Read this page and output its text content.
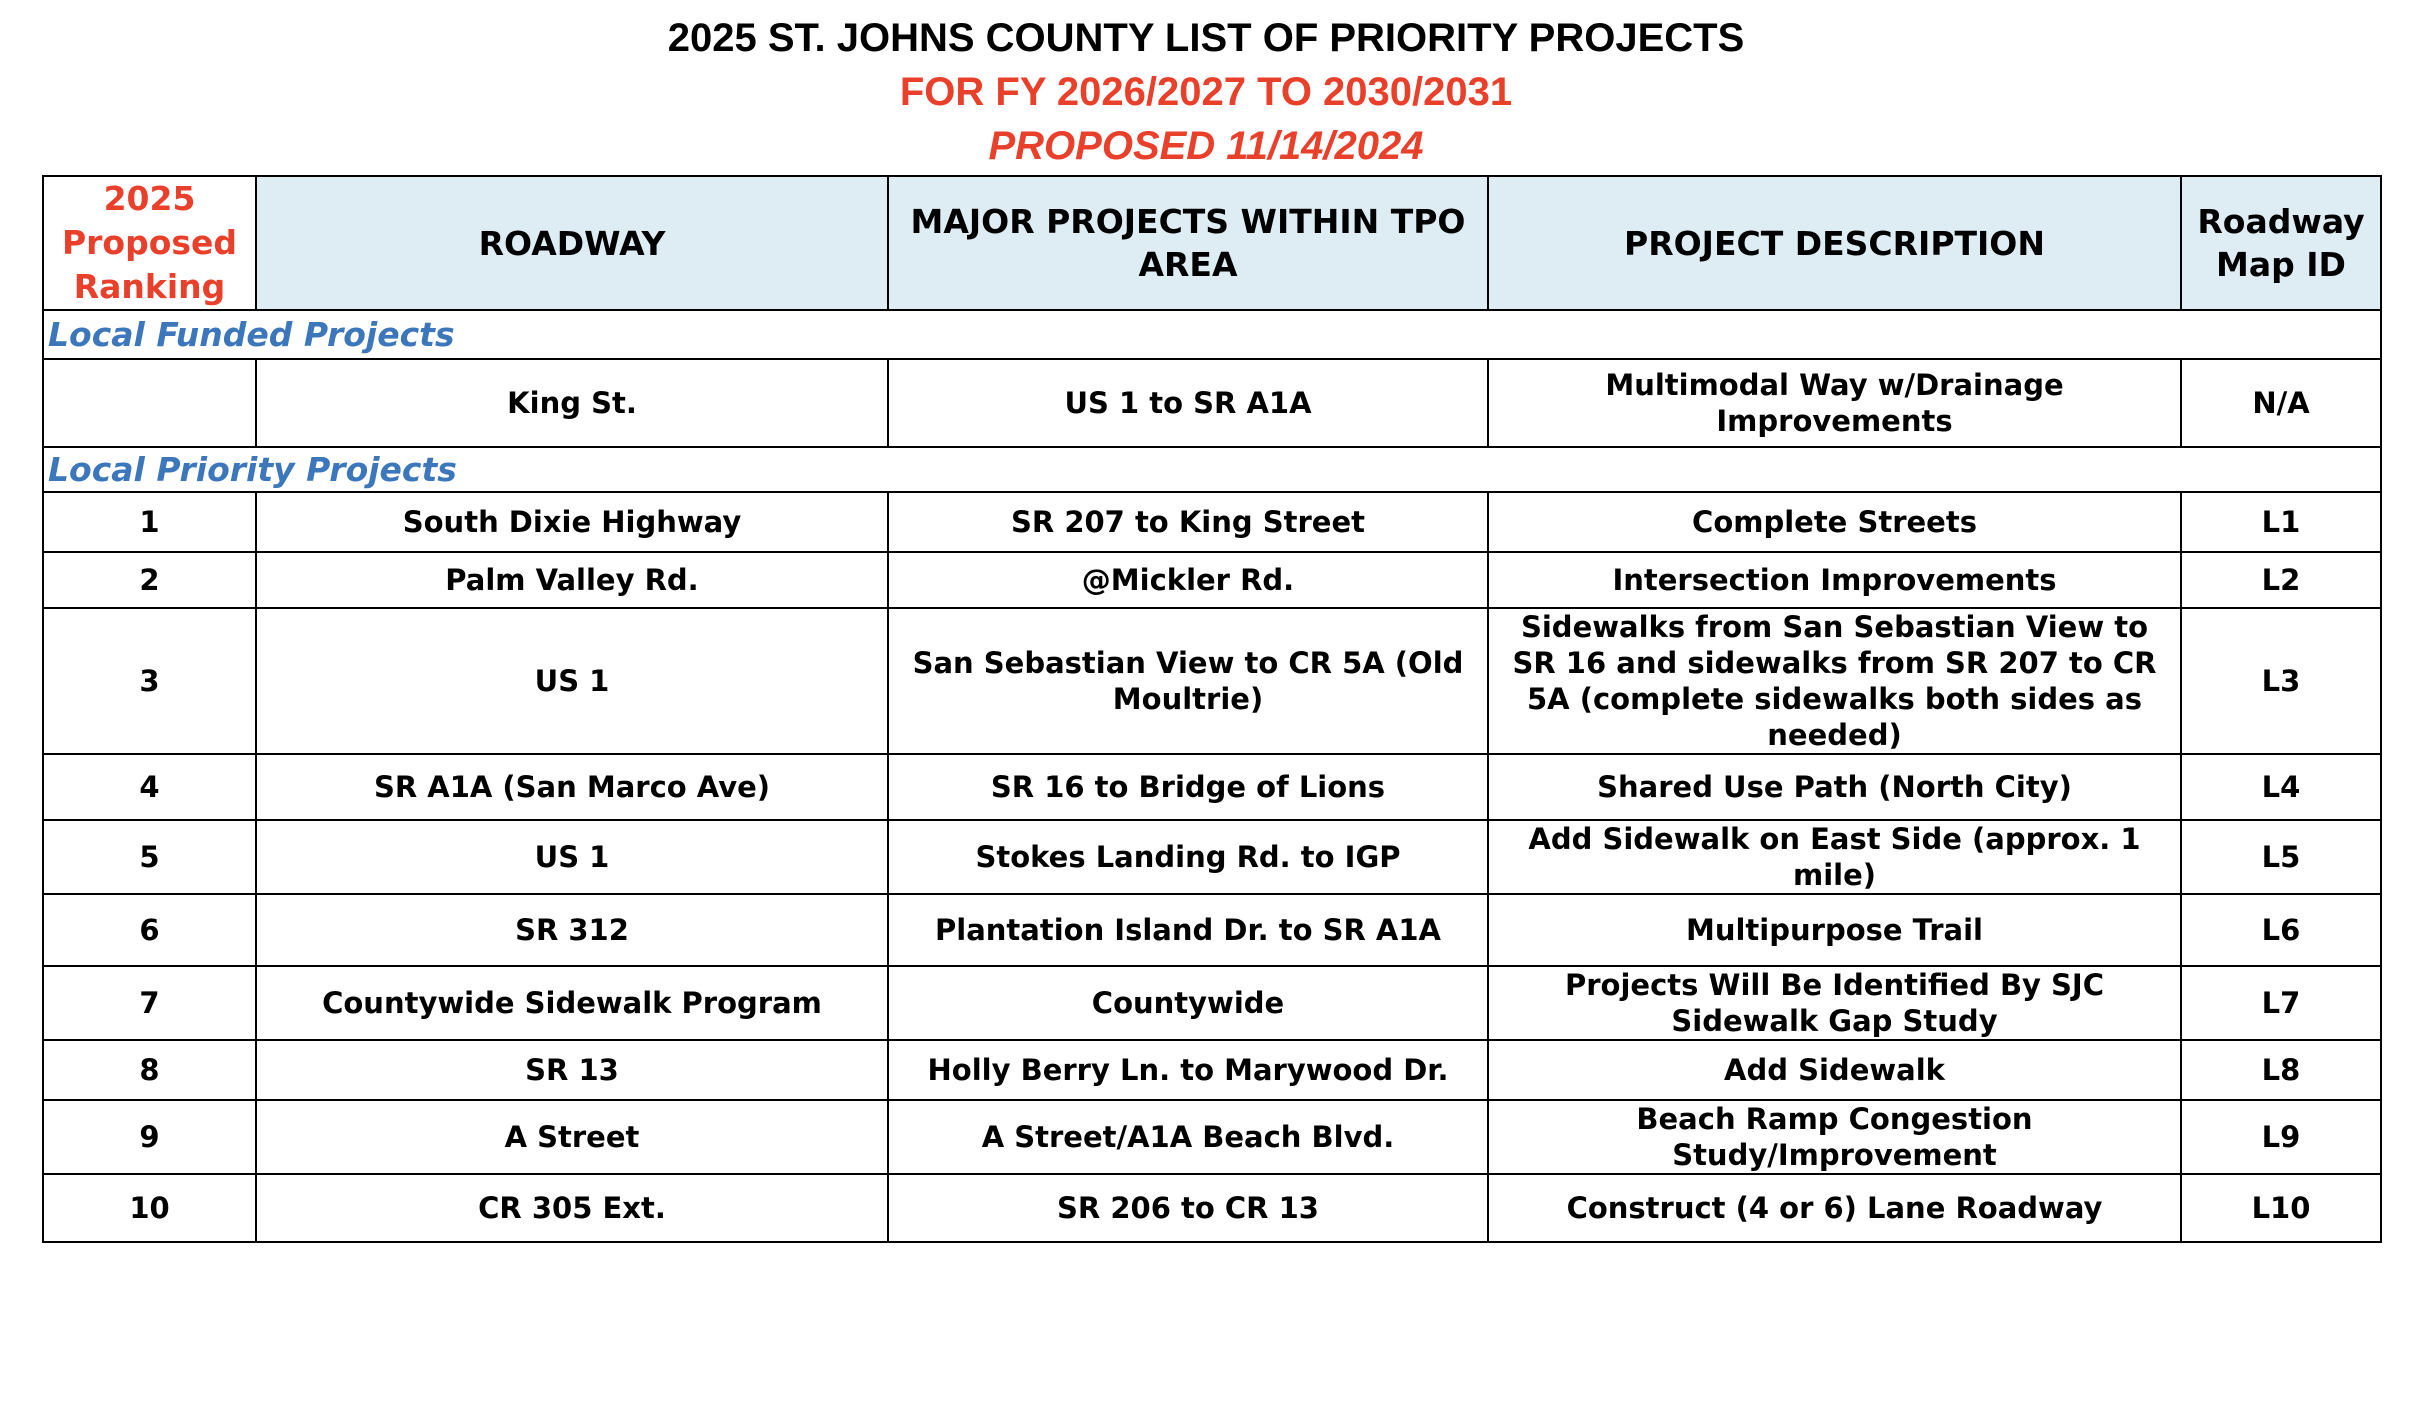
2025 ST. JOHNS COUNTY LIST OF PRIORITY PROJECTS
FOR FY 2026/2027 TO 2030/2031
PROPOSED 11/14/2024
2025 Proposed Ranking	ROADWAY	MAJOR PROJECTS WITHIN TPO AREA	PROJECT DESCRIPTION	Roadway Map ID
Local Funded Projects				
	King St.	US 1 to SR A1A	Multimodal Way w/Drainage Improvements	N/A
Local Priority Projects				
1	South Dixie Highway	SR 207 to King Street	Complete Streets	L1
2	Palm Valley Rd.	@Mickler Rd.	Intersection Improvements	L2
3	US 1	San Sebastian View to CR 5A (Old Moultrie)	Sidewalks from San Sebastian View to SR 16 and sidewalks from SR 207 to CR 5A (complete sidewalks both sides as needed)	L3
4	SR A1A (San Marco Ave)	SR 16 to Bridge of Lions	Shared Use Path (North City)	L4
5	US 1	Stokes Landing Rd. to IGP	Add Sidewalk on East Side (approx. 1 mile)	L5
6	SR 312	Plantation Island Dr. to SR A1A	Multipurpose Trail	L6
7	Countywide Sidewalk Program	Countywide	Projects Will Be Identified By SJC Sidewalk Gap Study	L7
8	SR 13	Holly Berry Ln. to Marywood Dr.	Add Sidewalk	L8
9	A Street	A Street/A1A Beach Blvd.	Beach Ramp Congestion Study/Improvement	L9
10	CR 305 Ext.	SR 206 to CR 13	Construct (4 or 6) Lane Roadway	L10
